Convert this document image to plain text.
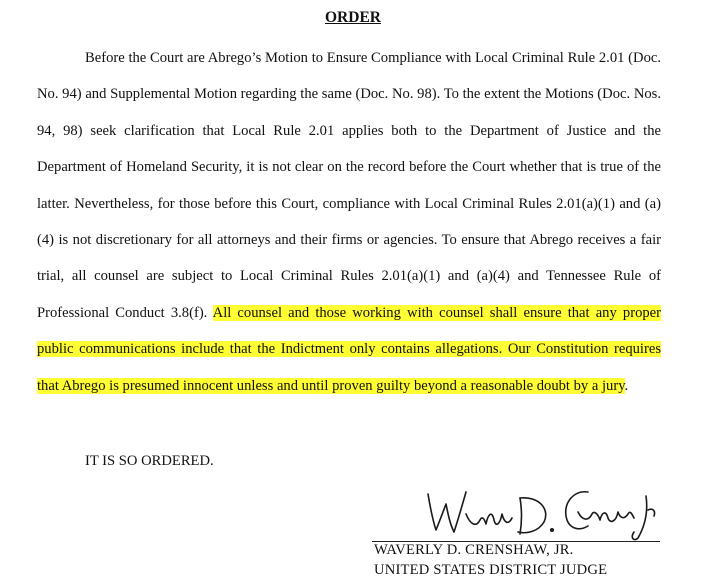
ORDER
Before the Court are Abrego’s Motion to Ensure Compliance with Local Criminal Rule 2.01 (Doc. No. 94) and Supplemental Motion regarding the same (Doc. No. 98). To the extent the Motions (Doc. Nos. 94, 98) seek clarification that Local Rule 2.01 applies both to the Department of Justice and the Department of Homeland Security, it is not clear on the record before the Court whether that is true of the latter. Nevertheless, for those before this Court, compliance with Local Criminal Rules 2.01(a)(1) and (a)(4) is not discretionary for all attorneys and their firms or agencies. To ensure that Abrego receives a fair trial, all counsel are subject to Local Criminal Rules 2.01(a)(1) and (a)(4) and Tennessee Rule of Professional Conduct 3.8(f). All counsel and those working with counsel shall ensure that any proper public communications include that the Indictment only contains allegations. Our Constitution requires that Abrego is presumed innocent unless and until proven guilty beyond a reasonable doubt by a jury.
IT IS SO ORDERED.
WAVERLY D. CRENSHAW, JR.
UNITED STATES DISTRICT JUDGE
